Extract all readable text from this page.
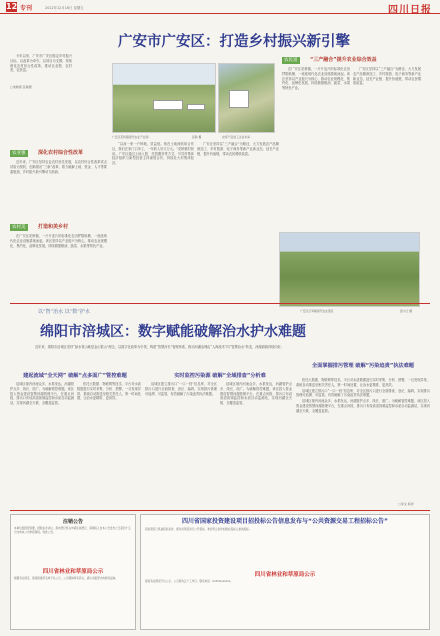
12 专刊	2022年12月16日 星期五	四川日报
广安市广安区：打造乡村振兴新引擎

今年以来，广安市广安区锚定乡村振兴目标，以改革为牵引，以项目为支撑，持续深化农村综合性改革，推动农业强、农村美、农民富。

□刘晓燕 张敏捷
广安区花桥镇现代农业产业园	张敏 摄	农特产品加工企业车间
农业强	深化农村综合性改革

近年来，广安区坚持农业农村优先发展，以农村综合性改革试点试验为契机，创新推出“三新”改革，着力破解土地、资金、人才等要素瓶颈，乡村振兴新引擎动力澎湃。

农村美	打造和美乡村

在广安区花桥镇，一片片连片的标准化农田阡陌纵横，一座座现代化农业设施拔地而起。该区坚持以产业振兴为核心，推动农业规模化、集约化、品牌化发展，持续做强粮油、蔬菜、水果等特色产业。

“以前一家一户种地，效益低。现在土地流转给合作社，我们在家门口务工，一年收入好几万元。”花桥镇村民说。广安区通过土地入股、托管服务等方式，引导村集体经济组织与新型经营主体深度合作，持续壮大村集体经济。

广安区坚持以“三产融合”为路径，大力发展农产品精深加工、乡村旅游、电子商务等新产业新业态，延长产业链、提升价值链，带动农民增收致富。

农民富	“三产融合”提升农业综合效益

在广安区花桥镇，一片片连片的标准化农田阡陌纵横，一座座现代化农业设施拔地而起。该区坚持以产业振兴为核心，推动农业规模化、集约化、品牌化发展，持续做强粮油、蔬菜、水果等特色产业。

广安区坚持以“三产融合”为路径，大力发展农产品精深加工、乡村旅游、电子商务等新产业新业态，延长产业链、提升价值链，带动农民增收致富。

广安区石笋镇现代农业园区	廖小红 摄
以“智”治水 以“数”护水
绵阳市涪城区：数字赋能破解治水护水难题

近年来，绵阳市涪城区坚持“绿水青山就是金山银山”理念，以数字化改革为引领，构建“智慧河长”管理体系，推动河湖治理由“人海战术”向“智慧治水”转变，河湖面貌持续向好。

建起流域“全天网” 破解“点多面广”管控难题

涪城区境内河流众多，水系发达，河湖管护点多、线长、面广。为破解管控难题，该区投入资金建设智慧河湖管理平台，在重点河段、排污口布设高清视频监控和水质自动监测站，实现河湖全天候、全覆盖监管。

依托大数据、物联网等技术，平台对水质数据进行实时采集、分析、预警，一旦发现异常，系统自动推送至相关责任人，第一时间处置，让治水更精准、更高效。

实时监控污染源 破解“全域排查”分析难

涪城区建立排污口“一口一档”信息库，对全区排污口进行全面排查、登记、编码，实现排污管理可追溯、可监管，有效破解了污染追责执法难题。

涪城区境内河流众多，水系发达，河湖管护点多、线长、面广。为破解管控难题，该区投入资金建设智慧河湖管理平台，在重点河段、排污口布设高清视频监控和水质自动监测站，实现河湖全天候、全覆盖监管。

全面掌握排污管理 破解“污染追责”执法难题

依托大数据、物联网等技术，平台对水质数据进行实时采集、分析、预警，一旦发现异常，系统自动推送至相关责任人，第一时间处置，让治水更精准、更高效。

涪城区建立排污口“一口一档”信息库，对全区排污口进行全面排查、登记、编码，实现排污管理可追溯、可监管，有效破解了污染追责执法难题。

涪城区境内河流众多，水系发达，河湖管护点多、线长、面广。为破解管控难题，该区投入资金建设智慧河湖管理平台，在重点河段、排污口布设高清视频监控和水质自动监测站，实现河湖全天候、全覆盖监管。

□李文 杨洋
注销公告
本单位因经营需要，经股东会决议，拟向登记机关申请注销登记，请债权人自本公告发布之日起四十五日内向本公司申报债权。特此公告。
四川省林业和草原局公示
根据有关规定，现将拟推荐名单予以公示，公示期间如有异议，请以书面形式向我局反映。
四川省国家投资建设项目招投标公告信息发布与“公共资源交易工程招标公告”
招标项目已具备招标条件，现对该项目进行公开招标，欢迎符合条件的潜在投标人参加投标。
四川省林业和草原局公示
现将有关情况予以公示，公示期为五个工作日。联系电话：028-8xxxxxxx。
